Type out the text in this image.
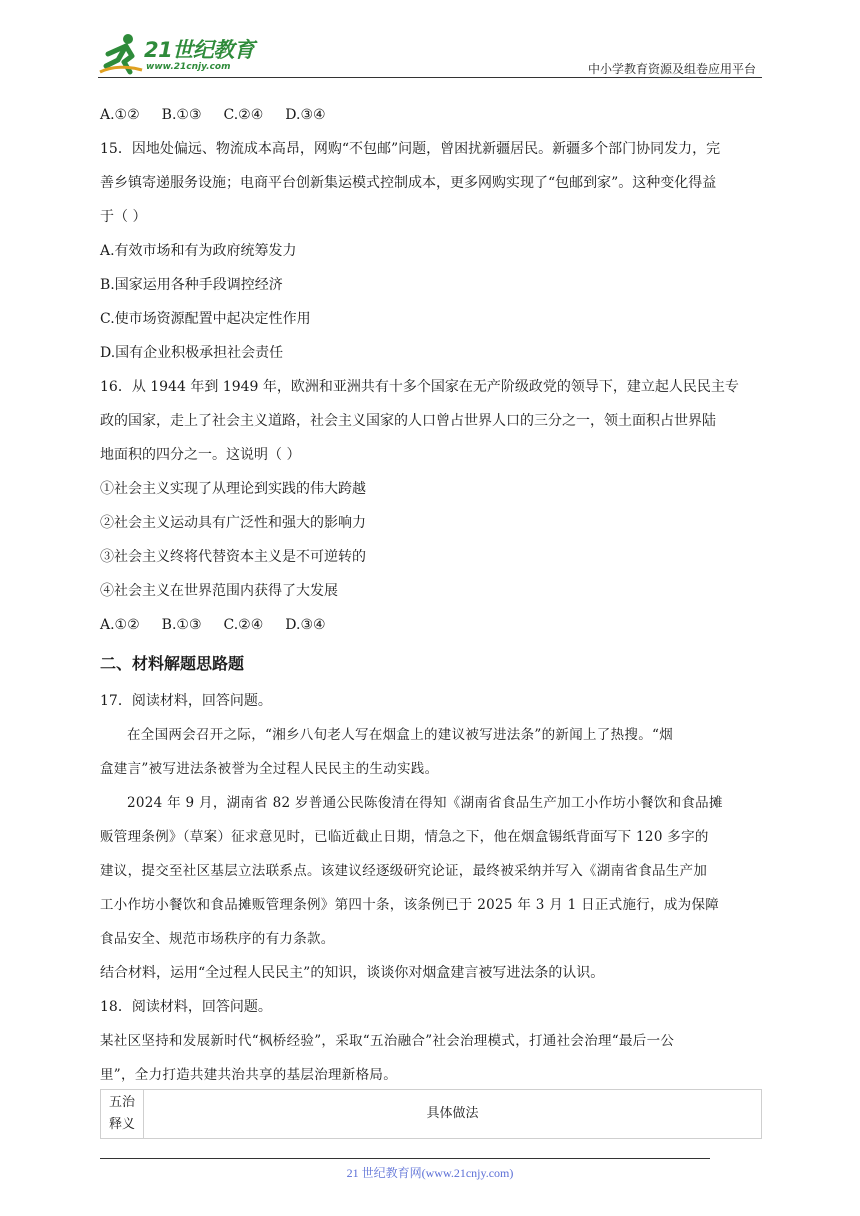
21世纪教育
www.21cnjy.com	中小学教育资源及组卷应用平台

A.①② B.①③ C.②④ D.③④

15．因地处偏远、物流成本高昂，网购“不包邮”问题，曾困扰新疆居民。新疆多个部门协同发力，完

善乡镇寄递服务设施；电商平台创新集运模式控制成本，更多网购实现了“包邮到家”。这种变化得益

于（ ）

A.有效市场和有为政府统筹发力

B.国家运用各种手段调控经济

C.使市场资源配置中起决定性作用

D.国有企业积极承担社会责任

16．从 1944 年到 1949 年，欧洲和亚洲共有十多个国家在无产阶级政党的领导下，建立起人民民主专

政的国家，走上了社会主义道路，社会主义国家的人口曾占世界人口的三分之一，领土面积占世界陆

地面积的四分之一。这说明（ ）

①社会主义实现了从理论到实践的伟大跨越

②社会主义运动具有广泛性和强大的影响力

③社会主义终将代替资本主义是不可逆转的

④社会主义在世界范围内获得了大发展

A.①② B.①③ C.②④ D.③④

二、材料解题思路题

17．阅读材料，回答问题。

在全国两会召开之际，“湘乡八旬老人写在烟盒上的建议被写进法条”的新闻上了热搜。“烟

盒建言”被写进法条被誉为全过程人民民主的生动实践。

2024 年 9 月，湖南省 82 岁普通公民陈俊清在得知《湖南省食品生产加工小作坊小餐饮和食品摊

贩管理条例》（草案）征求意见时，已临近截止日期，情急之下，他在烟盒锡纸背面写下 120 多字的

建议，提交至社区基层立法联系点。该建议经逐级研究论证，最终被采纳并写入《湖南省食品生产加

工小作坊小餐饮和食品摊贩管理条例》第四十条，该条例已于 2025 年 3 月 1 日正式施行，成为保障

食品安全、规范市场秩序的有力条款。

结合材料，运用“全过程人民民主”的知识，谈谈你对烟盒建言被写进法条的认识。

18．阅读材料，回答问题。

某社区坚持和发展新时代“枫桥经验”，采取“五治融合”社会治理模式，打通社会治理“最后一公

里”，全力打造共建共治共享的基层治理新格局。

五治释义	具体做法
21 世纪教育网(www.21cnjy.com)
